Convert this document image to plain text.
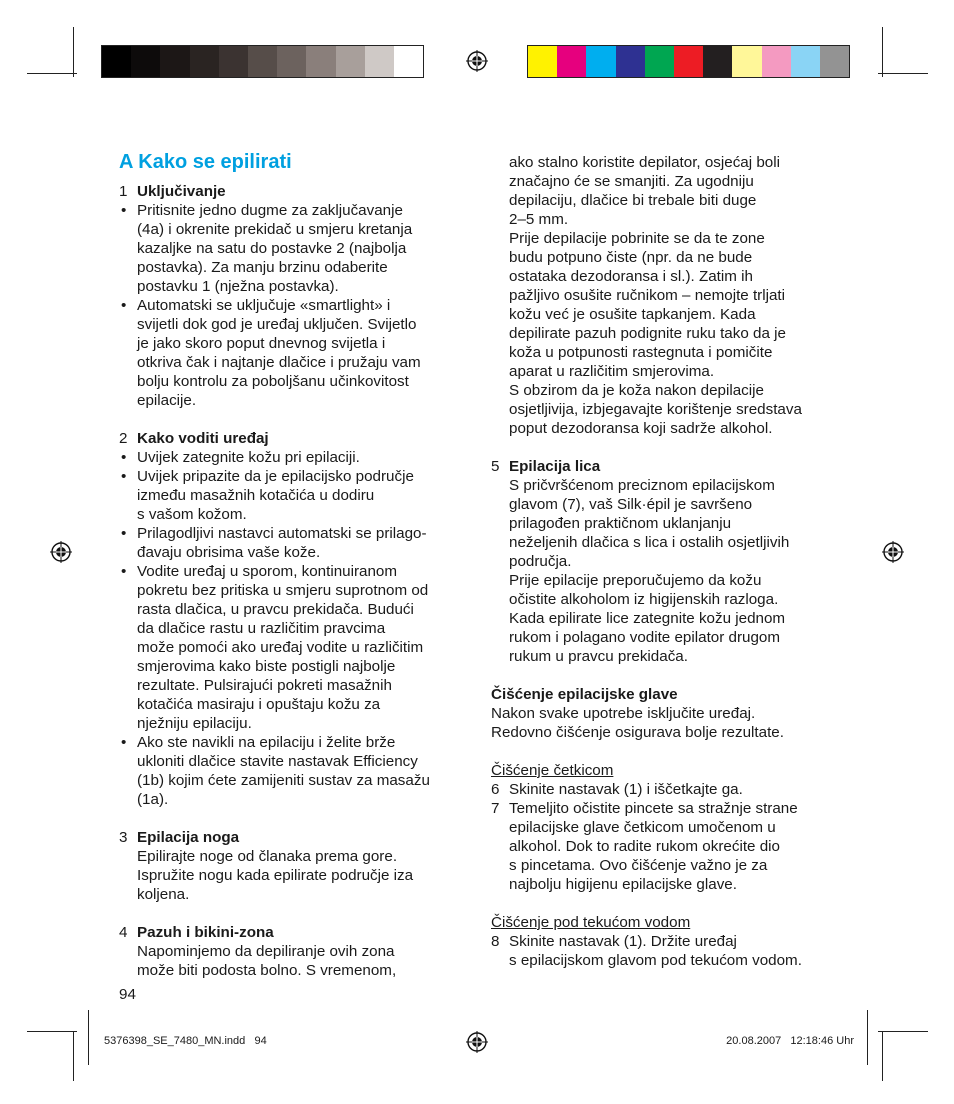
A Kako se epilirati
1 Uključivanje
• Pritisnite jedno dugme za zaključavanje

(4a) i okrenite prekidač u smjeru kretanja

kazaljke na satu do postavke 2 (najbolja

postavka). Za manju brzinu odaberite

postavku 1 (nježna postavka).

• Automatski se uključuje «smartlight» i

svijetli dok god je uređaj uključen. Svijetlo

je jako skoro poput dnevnog svijetla i

otkriva čak i najtanje dlačice i pružaju vam

bolju kontrolu za poboljšanu učinkovitost

epilacije.

2 Kako voditi uređaj
• Uvijek zategnite kožu pri epilaciji.

• Uvijek pripazite da je epilacijsko područje

između masažnih kotačića u dodiru

s vašom kožom.

• Prilagodljivi nastavci automatski se prilago-

đavaju obrisima vaše kože.

• Vodite uređaj u sporom, kontinuiranom

pokretu bez pritiska u smjeru suprotnom od

rasta dlačica, u pravcu prekidača. Budući

da dlačice rastu u različitim pravcima

može pomoći ako uređaj vodite u različitim

smjerovima kako biste postigli najbolje

rezultate. Pulsirajući pokreti masažnih

kotačića masiraju i opuštaju kožu za

nježniju epilaciju.

• Ako ste navikli na epilaciju i želite brže

ukloniti dlačice stavite nastavak Efficiency

(1b) kojim ćete zamijeniti sustav za masažu

(1a).

3 Epilacija noga

Epilirajte noge od članaka prema gore.

Ispružite nogu kada epilirate područje iza

koljena.

4 Pazuh i bikini-zona

Napominjemo da depiliranje ovih zona

može biti podosta bolno. S vremenom,

94

ako stalno koristite depilator, osjećaj boli

značajno će se smanjiti. Za ugodniju

depilaciju, dlačice bi trebale biti duge

2–5 mm.

Prije depilacije pobrinite se da te zone

budu potpuno čiste (npr. da ne bude

ostataka dezodoransa i sl.). Zatim ih

pažljivo osušite ručnikom – nemojte trljati

kožu već je osušite tapkanjem. Kada

depilirate pazuh podignite ruku tako da je

koža u potpunosti rastegnuta i pomičite

aparat u različitim smjerovima.

S obzirom da je koža nakon depilacije

osjetljivija, izbjegavajte korištenje sredstava

poput dezodoransa koji sadrže alkohol.

5 Epilacija lica

S pričvršćenom preciznom epilacijskom

glavom (7), vaš Silk·épil je savršeno

prilagođen praktičnom uklanjanju

neželjenih dlačica s lica i ostalih osjetljivih

područja.

Prije epilacije preporučujemo da kožu

očistite alkoholom iz higijenskih razloga.

Kada epilirate lice zategnite kožu jednom

rukom i polagano vodite epilator drugom

rukum u pravcu prekidača.

Čišćenje epilacijske glave

Nakon svake upotrebe isključite uređaj.

Redovno čišćenje osigurava bolje rezultate.

Čišćenje četkicom

6 Skinite nastavak (1) i iščetkajte ga.

7 Temeljito očistite pincete sa stražnje strane

epilacijske glave četkicom umočenom u

alkohol. Dok to radite rukom okrećite dio

s pincetama. Ovo čišćenje važno je za

najbolju higijenu epilacijske glave.

Čišćenje pod tekućom vodom

8 Skinite nastavak (1). Držite uređaj

s epilacijskom glavom pod tekućom vodom.

5376398_SE_7480_MN.indd   94	20.08.2007   12:18:46 Uhr
